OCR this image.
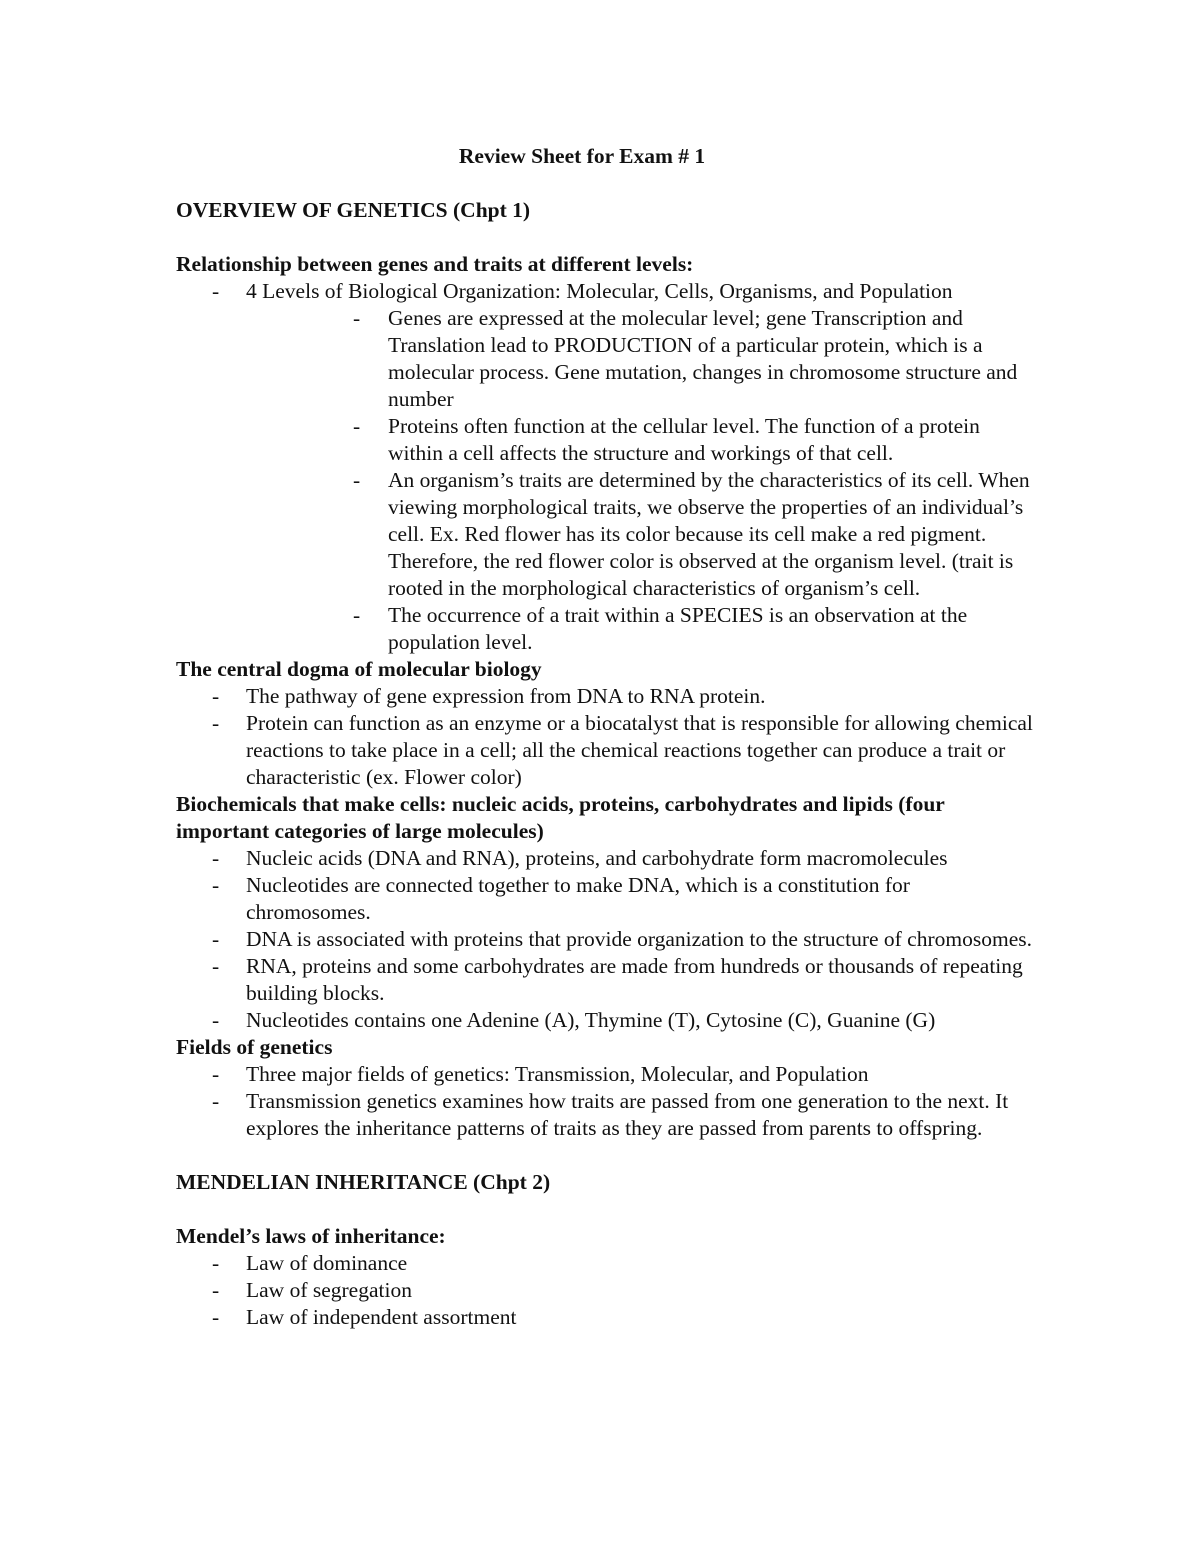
Review Sheet for Exam # 1
OVERVIEW OF GENETICS (Chpt 1)
Relationship between genes and traits at different levels:
- 4 Levels of Biological Organization: Molecular, Cells, Organisms, and Population
- Genes are expressed at the molecular level; gene Transcription and Translation lead to PRODUCTION of a particular protein, which is a molecular process. Gene mutation, changes in chromosome structure and number
- Proteins often function at the cellular level. The function of a protein within a cell affects the structure and workings of that cell.
- An organism’s traits are determined by the characteristics of its cell. When viewing morphological traits, we observe the properties of an individual’s cell. Ex. Red flower has its color because its cell make a red pigment. Therefore, the red flower color is observed at the organism level. (trait is rooted in the morphological characteristics of organism’s cell.
- The occurrence of a trait within a SPECIES is an observation at the population level.
The central dogma of molecular biology
- The pathway of gene expression from DNA to RNA protein.
- Protein can function as an enzyme or a biocatalyst that is responsible for allowing chemical reactions to take place in a cell; all the chemical reactions together can produce a trait or characteristic (ex. Flower color)
Biochemicals that make cells: nucleic acids, proteins, carbohydrates and lipids (four important categories of large molecules)
- Nucleic acids (DNA and RNA), proteins, and carbohydrate form macromolecules
- Nucleotides are connected together to make DNA, which is a constitution for chromosomes.
- DNA is associated with proteins that provide organization to the structure of chromosomes.
- RNA, proteins and some carbohydrates are made from hundreds or thousands of repeating building blocks.
- Nucleotides contains one Adenine (A), Thymine (T), Cytosine (C), Guanine (G)
Fields of genetics
- Three major fields of genetics: Transmission, Molecular, and Population
- Transmission genetics examines how traits are passed from one generation to the next. It explores the inheritance patterns of traits as they are passed from parents to offspring.
MENDELIAN INHERITANCE (Chpt 2)
Mendel’s laws of inheritance:
- Law of dominance
- Law of segregation
- Law of independent assortment
